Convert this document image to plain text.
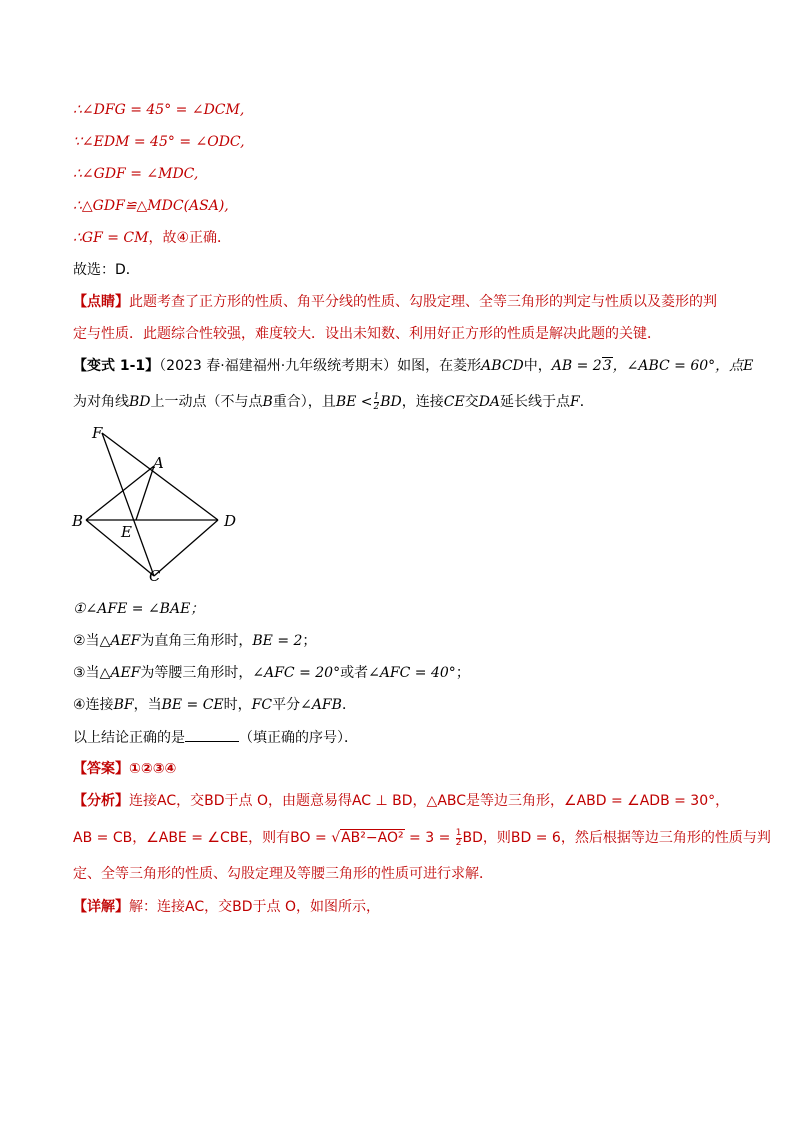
∴∠DFG = 45° = ∠DCM,
∵∠EDM = 45° = ∠ODC,
∴∠GDF = ∠MDC,
∴△GDF≌△MDC(ASA),
∴GF = CM，故④正确．
故选：D．
【点睛】此题考查了正方形的性质、角平分线的性质、勾股定理、全等三角形的判定与性质以及菱形的判
定与性质．此题综合性较强，难度较大．设出未知数、利用好正方形的性质是解决此题的关键．
【变式 1-1】（2023 春·福建福州·九年级统考期末）如图，在菱形ABCD中，AB = 23，∠ABC = 60°，点E
为对角线BD上一动点（不与点B重合），且BE $<\frac{1}{2}$ BD，连接CE交DA延长线于点F．
F
A
B	D
E
C
①∠AFE = ∠BAE；
②当△AEF为直角三角形时，BE = 2；
③当△AEF为等腰三角形时，∠AFC = 20°或者∠AFC = 40°；
④连接BF，当BE = CE时，FC平分∠AFB．
以上结论正确的是	（填正确的序号）．
【答案】①②③④
【分析】连接AC，交BD于点 O，由题意易得AC ⊥ BD，△ABC是等边三角形，∠ABD = ∠ADB = 30°，
AB = CB，∠ABE = ∠CBE，则有BO = $√AB^2-AO^2 = 3 = \frac{1}{2}$ BD，则BD = 6，然后根据等边三角形的性质与判
定、全等三角形的性质、勾股定理及等腰三角形的性质可进行求解．
【详解】解：连接AC，交BD于点 O，如图所示，
